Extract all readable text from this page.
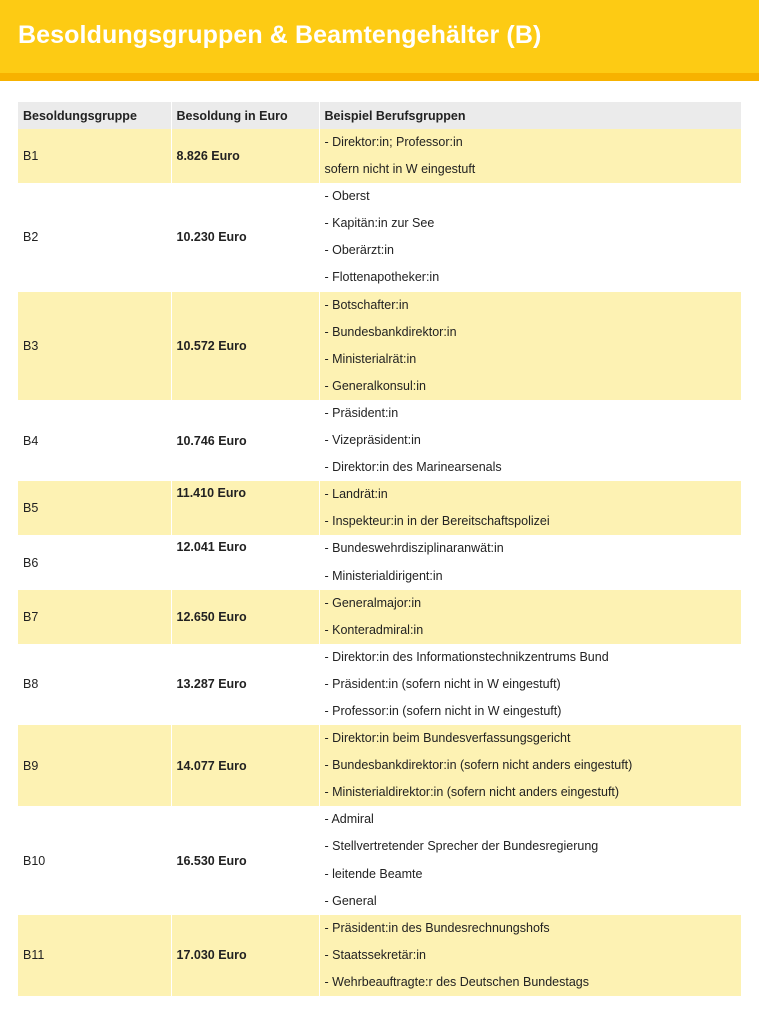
Besoldungsgruppen & Beamtengehälter (B)
Besoldungsgruppe	Besoldung in Euro	Beispiel Berufsgruppen
B1	8.826 Euro	- Direktor:in; Professor:in
sofern nicht in W eingestuft

B2	10.230 Euro	- Oberst
- Kapitän:in zur See
- Oberärzt:in
- Flottenapotheker:in

B3	10.572 Euro	- Botschafter:in
- Bundesbankdirektor:in
- Ministerialrät:in
- Generalkonsul:in

B4	10.746 Euro	- Präsident:in
- Vizepräsident:in
- Direktor:in des Marinearsenals

B5	11.410 Euro	- Landrät:in
- Inspekteur:in in der Bereitschaftspolizei

B6	12.041 Euro	- Bundeswehrdisziplinaranwät:in
- Ministerialdirigent:in

B7	12.650 Euro	- Generalmajor:in
- Konteradmiral:in

B8	13.287 Euro	- Direktor:in des Informationstechnikzentrums Bund
- Präsident:in (sofern nicht in W eingestuft)
- Professor:in (sofern nicht in W eingestuft)

B9	14.077 Euro	- Direktor:in beim Bundesverfassungsgericht
- Bundesbankdirektor:in (sofern nicht anders eingestuft)
- Ministerialdirektor:in (sofern nicht anders eingestuft)

B10	16.530 Euro	- Admiral
- Stellvertretender Sprecher der Bundesregierung
- leitende Beamte
- General

B11	17.030 Euro	- Präsident:in des Bundesrechnungshofs
- Staatssekretär:in
- Wehrbeauftragte:r des Deutschen Bundestags
